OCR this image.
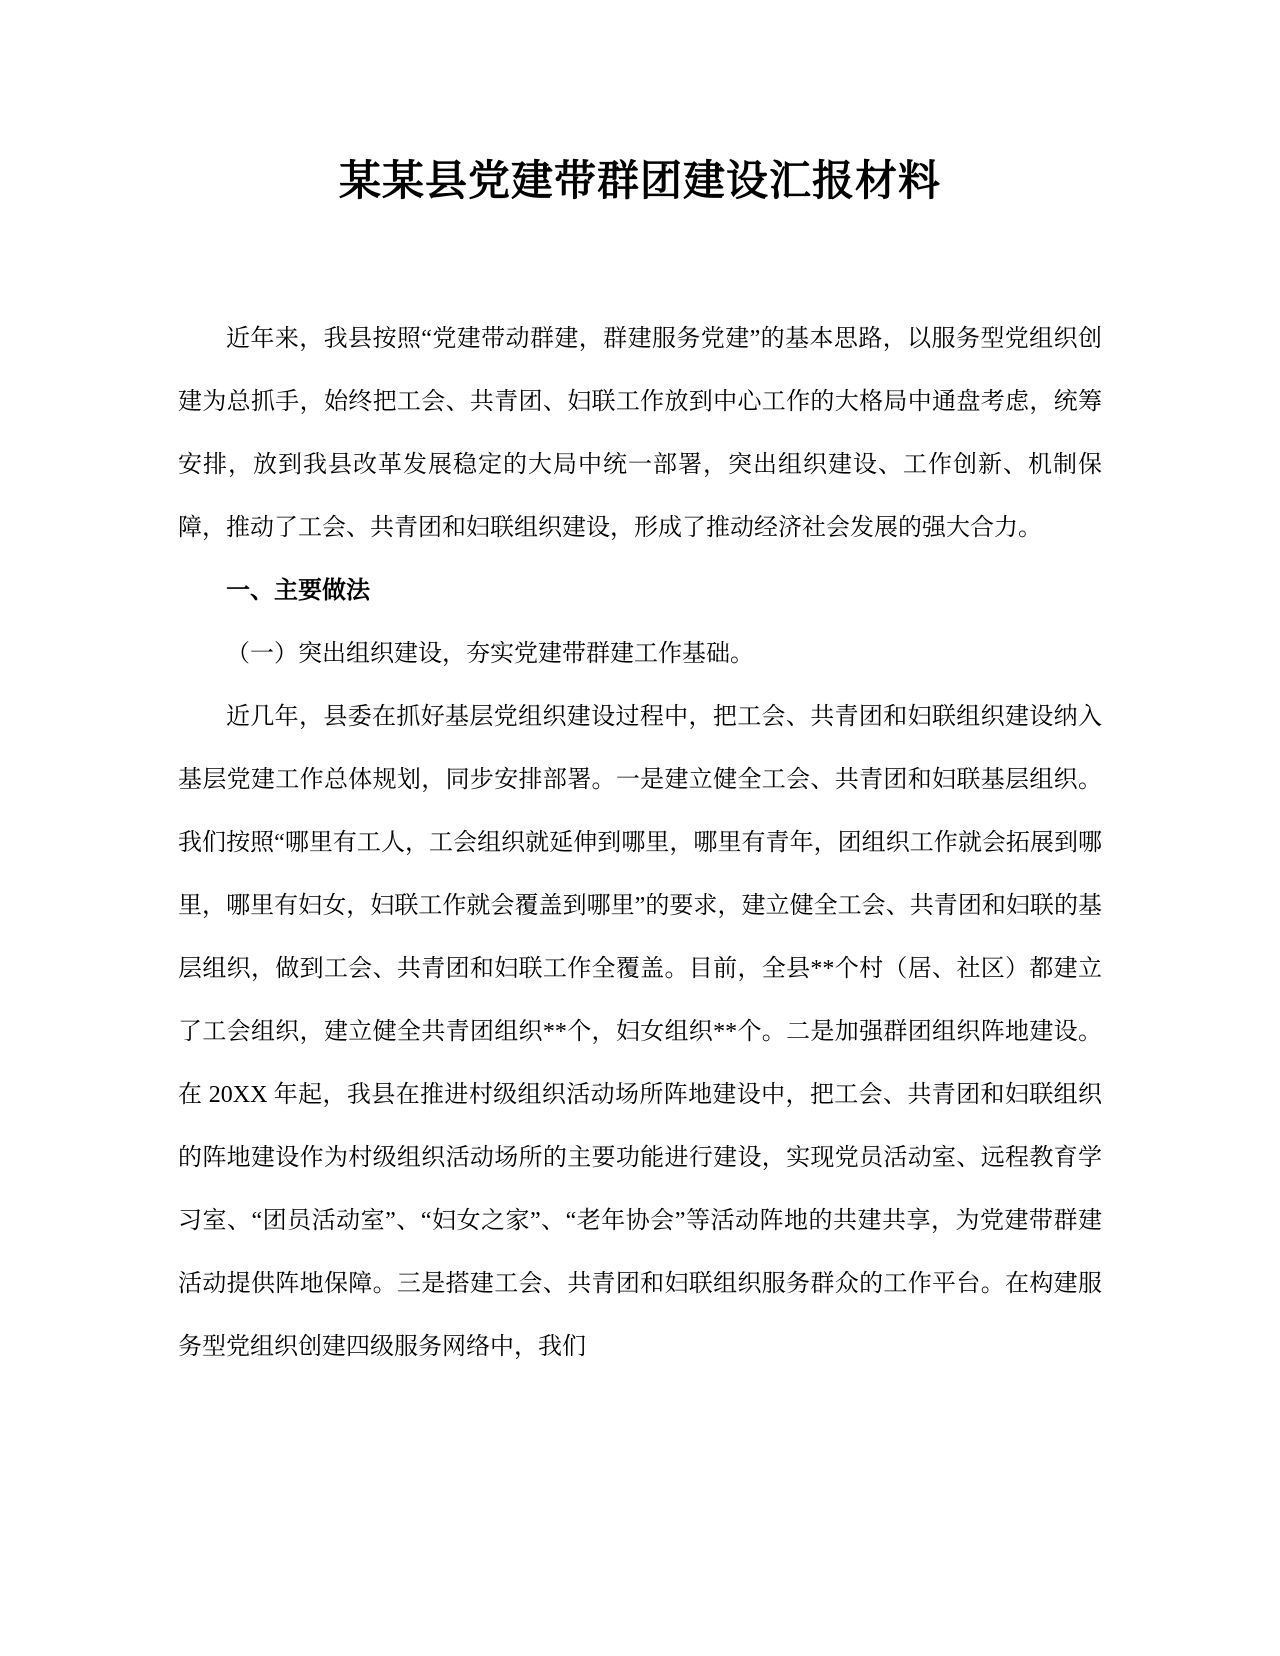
某某县党建带群团建设汇报材料

近年来，我县按照“党建带动群建，群建服务党建”的基本思路，以服务型党组织创建为总抓手，始终把工会、共青团、妇联工作放到中心工作的大格局中通盘考虑，统筹安排，放到我县改革发展稳定的大局中统一部署，突出组织建设、工作创新、机制保障，推动了工会、共青团和妇联组织建设，形成了推动经济社会发展的强大合力。

一、主要做法

（一）突出组织建设，夯实党建带群建工作基础。

近几年，县委在抓好基层党组织建设过程中，把工会、共青团和妇联组织建设纳入基层党建工作总体规划，同步安排部署。一是建立健全工会、共青团和妇联基层组织。我们按照“哪里有工人，工会组织就延伸到哪里，哪里有青年，团组织工作就会拓展到哪里，哪里有妇女，妇联工作就会覆盖到哪里”的要求，建立健全工会、共青团和妇联的基层组织，做到工会、共青团和妇联工作全覆盖。目前，全县**个村（居、社区）都建立了工会组织，建立健全共青团组织**个，妇女组织**个。二是加强群团组织阵地建设。在 20XX 年起，我县在推进村级组织活动场所阵地建设中，把工会、共青团和妇联组织的阵地建设作为村级组织活动场所的主要功能进行建设，实现党员活动室、远程教育学习室、“团员活动室”、“妇女之家”、“老年协会”等活动阵地的共建共享，为党建带群建活动提供阵地保障。三是搭建工会、共青团和妇联组织服务群众的工作平台。在构建服务型党组织创建四级服务网络中，我们
